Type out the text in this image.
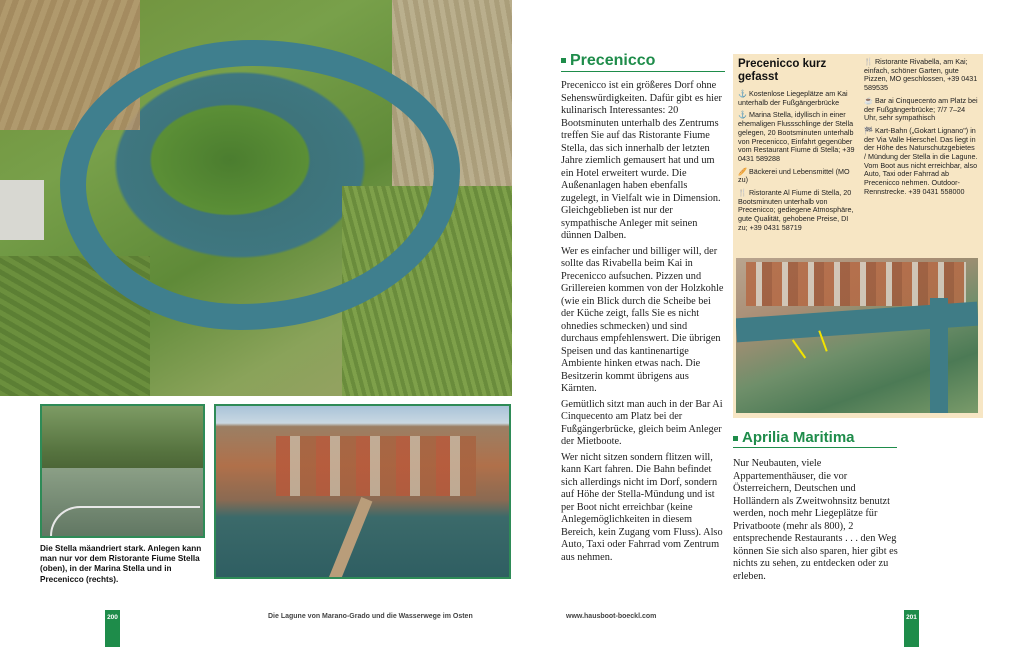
Die Stella mäandriert stark. Anlegen kann man nur vor dem Ristorante Fiume Stella (oben), in der Marina Stella und in Precenicco (rechts).
Precenicco

Precenicco ist ein größeres Dorf ohne Sehenswürdigkeiten. Dafür gibt es hier kulinarisch Interessantes: 20 Bootsminuten unterhalb des Zentrums treffen Sie auf das Ristorante Fiume Stella, das sich innerhalb der letzten Jahre ziemlich gemausert hat und um ein Hotel erweitert wurde. Die Außenanlagen haben ebenfalls zugelegt, in Vielfalt wie in Dimension. Gleichgeblieben ist nur der sympathische Anleger mit seinen dünnen Dalben.

Wer es einfacher und billiger will, der sollte das Rivabella beim Kai in Precenicco aufsuchen. Pizzen und Grillereien kommen von der Holzkohle (wie ein Blick durch die Scheibe bei der Küche zeigt, falls Sie es nicht ohnedies schmecken) und sind durchaus empfehlenswert. Die übrigen Speisen und das kantinenartige Ambiente hinken etwas nach. Die Besitzerin kommt übrigens aus Kärnten.

Gemütlich sitzt man auch in der Bar Ai Cinquecento am Platz bei der Fußgängerbrücke, gleich beim Anleger der Mietboote.

Wer nicht sitzen sondern flitzen will, kann Kart fahren. Die Bahn befindet sich allerdings nicht im Dorf, sondern auf Höhe der Stella-Mündung und ist per Boot nicht erreichbar (keine Anlegemöglichkeiten in diesem Bereich, kein Zugang vom Fluss). Also Auto, Taxi oder Fahrrad vom Zentrum aus nehmen.

Precenicco kurz gefasst
⚓ Kostenlose Liegeplätze am Kai unterhalb der Fußgängerbrücke
⚓ Marina Stella, idyllisch in einer ehemaligen Flussschlinge der Stella gelegen, 20 Bootsminuten unterhalb von Precenicco, Einfahrt gegenüber vom Restaurant Fiume di Stella; +39 0431 589288
🥖 Bäckerei und Lebensmittel (MO zu)
🍴 Ristorante Al Fiume di Stella, 20 Bootsminuten unterhalb von Precenicco; gediegene Atmosphäre, gute Qualität, gehobene Preise, DI zu; +39 0431 58719
🍴 Ristorante Rivabella, am Kai; einfach, schöner Garten, gute Pizzen, MO geschlossen, +39 0431 589535
☕ Bar ai Cinquecento am Platz bei der Fußgängerbrücke; 7/7 7–24 Uhr, sehr sympathisch
🏁 Kart-Bahn („Gokart Lignano") in der Via Valle Hierschel. Das liegt in der Höhe des Naturschutzgebietes / Mündung der Stella in die Lagune. Vom Boot aus nicht erreichbar, also Auto, Taxi oder Fahrrad ab Precenicco nehmen. Outdoor-Rennstrecke. +39 0431 558000
Aprilia Maritima

Nur Neubauten, viele Appartementhäuser, die vor Österreichern, Deutschen und Holländern als Zweitwohnsitz benutzt werden, noch mehr Liegeplätze für Privatboote (mehr als 800), 2 entsprechende Restaurants . . . den Weg können Sie sich also sparen, hier gibt es nichts zu sehen, zu entdecken oder zu erleben.

200	Die Lagune von Marano-Grado und die Wasserwege im Osten	www.hausboot-boeckl.com	201
